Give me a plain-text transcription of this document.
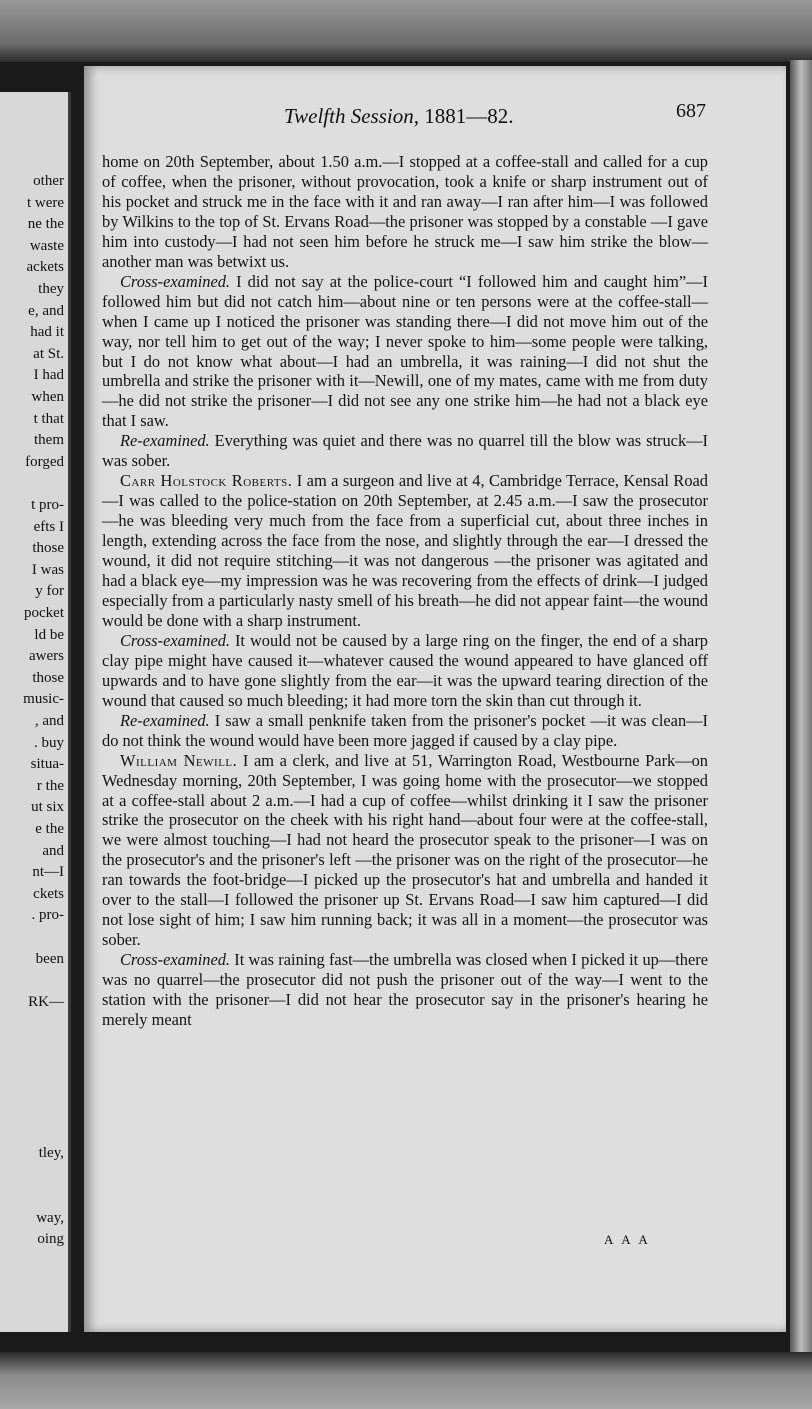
other
t were
ne the
waste
ackets
they
e, and
had it
at St.
I had
when
t that
them
forged
t pro-
efts I
those
I was
y for
pocket
ld be
awers
those
music-
, and
. buy
situa-
r the
ut six
e the
and
nt—I
ckets
. pro-
been
RK—
tley,
way,
oing
Twelfth Session, 1881—82.	687

home on 20th September, about 1.50 a.m.—I stopped at a coffee-stall and called for a cup of coffee, when the prisoner, without provocation, took a knife or sharp instrument out of his pocket and struck me in the face with it and ran away—I ran after him—I was followed by Wilkins to the top of St. Ervans Road—the prisoner was stopped by a constable —I gave him into custody—I had not seen him before he struck me—I saw him strike the blow—another man was betwixt us.

Cross-examined. I did not say at the police-court “I followed him and caught him”—I followed him but did not catch him—about nine or ten persons were at the coffee-stall—when I came up I noticed the prisoner was standing there—I did not move him out of the way, nor tell him to get out of the way; I never spoke to him—some people were talking, but I do not know what about—I had an umbrella, it was raining—I did not shut the umbrella and strike the prisoner with it—Newill, one of my mates, came with me from duty—he did not strike the prisoner—I did not see any one strike him—he had not a black eye that I saw.

Re-examined. Everything was quiet and there was no quarrel till the blow was struck—I was sober.

Carr Holstock Roberts. I am a surgeon and live at 4, Cambridge Terrace, Kensal Road—I was called to the police-station on 20th September, at 2.45 a.m.—I saw the prosecutor—he was bleeding very much from the face from a superficial cut, about three inches in length, extending across the face from the nose, and slightly through the ear—I dressed the wound, it did not require stitching—it was not dangerous —the prisoner was agitated and had a black eye—my impression was he was recovering from the effects of drink—I judged especially from a particularly nasty smell of his breath—he did not appear faint—the wound would be done with a sharp instrument.

Cross-examined. It would not be caused by a large ring on the finger, the end of a sharp clay pipe might have caused it—whatever caused the wound appeared to have glanced off upwards and to have gone slightly from the ear—it was the upward tearing direction of the wound that caused so much bleeding; it had more torn the skin than cut through it.

Re-examined. I saw a small penknife taken from the prisoner's pocket —it was clean—I do not think the wound would have been more jagged if caused by a clay pipe.

William Newill. I am a clerk, and live at 51, Warrington Road, Westbourne Park—on Wednesday morning, 20th September, I was going home with the prosecutor—we stopped at a coffee-stall about 2 a.m.—I had a cup of coffee—whilst drinking it I saw the prisoner strike the prosecutor on the cheek with his right hand—about four were at the coffee-stall, we were almost touching—I had not heard the prosecutor speak to the prisoner—I was on the prosecutor's and the prisoner's left —the prisoner was on the right of the prosecutor—he ran towards the foot-bridge—I picked up the prosecutor's hat and umbrella and handed it over to the stall—I followed the prisoner up St. Ervans Road—I saw him captured—I did not lose sight of him; I saw him running back; it was all in a moment—the prosecutor was sober.

Cross-examined. It was raining fast—the umbrella was closed when I picked it up—there was no quarrel—the prosecutor did not push the prisoner out of the way—I went to the station with the prisoner—I did not hear the prosecutor say in the prisoner's hearing he merely meant

A A A
